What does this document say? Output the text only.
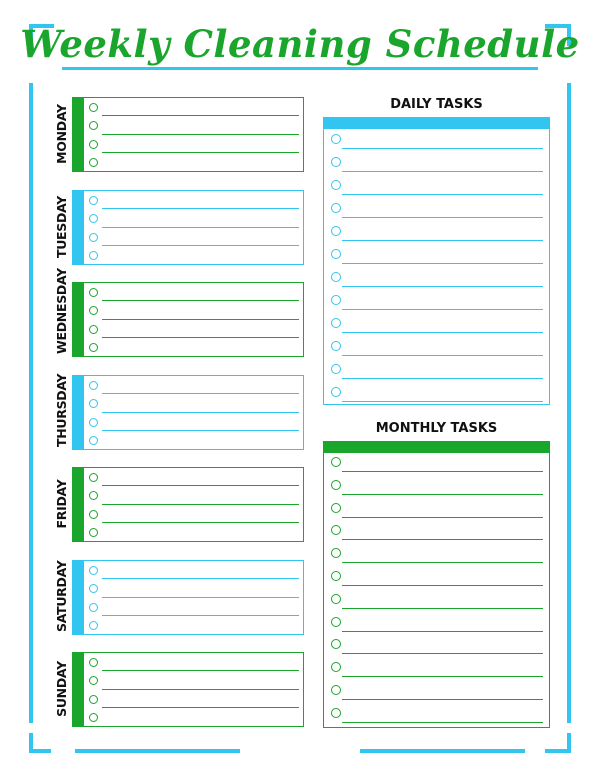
Weekly Cleaning Schedule
MONDAY
TUESDAY
WEDNESDAY
THURSDAY
FRIDAY
SATURDAY
SUNDAY
DAILY TASKS
MONTHLY TASKS
